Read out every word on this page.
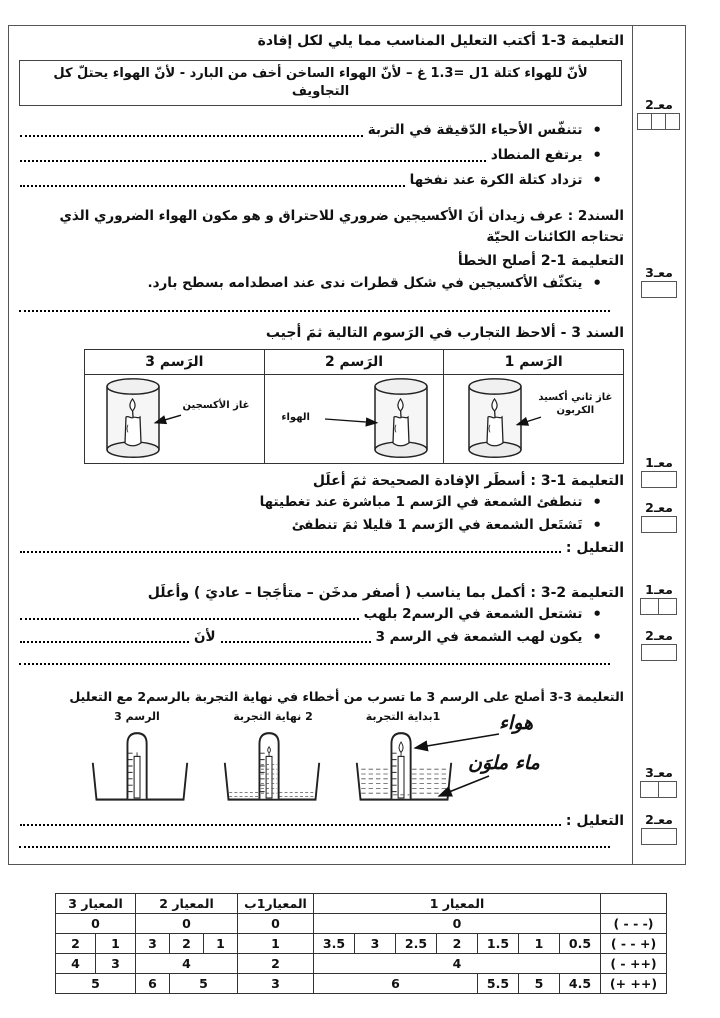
التعليمة 3-1 أكتب التعليل المناسب مما يلي لكل إفادة
لأنّ للهواء كتلة 1ل =1.3 غ – لأنّ الهواء الساخن أخف من البارد - لأنّ الهواء يحتلّ كل التجاويف
• تتنفّس الأحياء الدّقيقة في التربة
• يرتفع المنطاد
• تزداد كتلة الكرة عند نفخها
السند2 : عرف زيدان أنَ الأكسيجين ضروري للاحتراق و هو مكون الهواء الضروري الذي تحتاجه الكائنات الحيّة
التعليمة 1-2 أصلح الخطأ
• يتكثّف الأكسيجين في شكل قطرات ندى عند اصطدامه بسطح بارد.
السند 3 - ألاحظ التجارب في الرَسوم التالية ثمَ أجيب
الرَسم 1	الرَسم 2	الرَسم 3

غاز ثاني أكسيد الكربون	الهواء	غاز الأكسجين
التعليمة 1-3 : أسطَر الإفادة الصحيحة ثمَ أعلَل
• تنطفئ الشمعة في الرَسم 1 مباشرة عند تغطيتها
• تَشتَعل الشمعة في الرَسم 1 قليلا ثمَ تنطفئ
التعليل :
التعليمة 2-3 : أكمل بما يناسب ( أصفر مدخَن – متأجَجا – عاديَ ) وأعلَل
• تشتعل الشمعة في الرسم2 بلهب
• يكون لهب الشمعة في الرسم 3
لأنَ
التعليمة 3-3 أصلح على الرسم 3 ما تسرب من أخطاء في نهاية التجربة بالرسم2 مع التعليل
1بداية التجربة
2 نهاية التجربة
الرسم 3	هواء
ماء ملوَن
التعليل :
معـ2
معـ3
معـ1
معـ2
معـ1
معـ2
معـ3
معـ2
	المعيار 1							المعيار1ب	المعيار 2			المعيار 3	
( - - -)	0							0	0			0	
( - - +)	0.5	1	1.5	2	2.5	3	3.5	1	1	2	3	1	2
( - ++)	4							2	4			3	4
(+ ++)	4.5	5	5.5	6				3	5		6	5	
